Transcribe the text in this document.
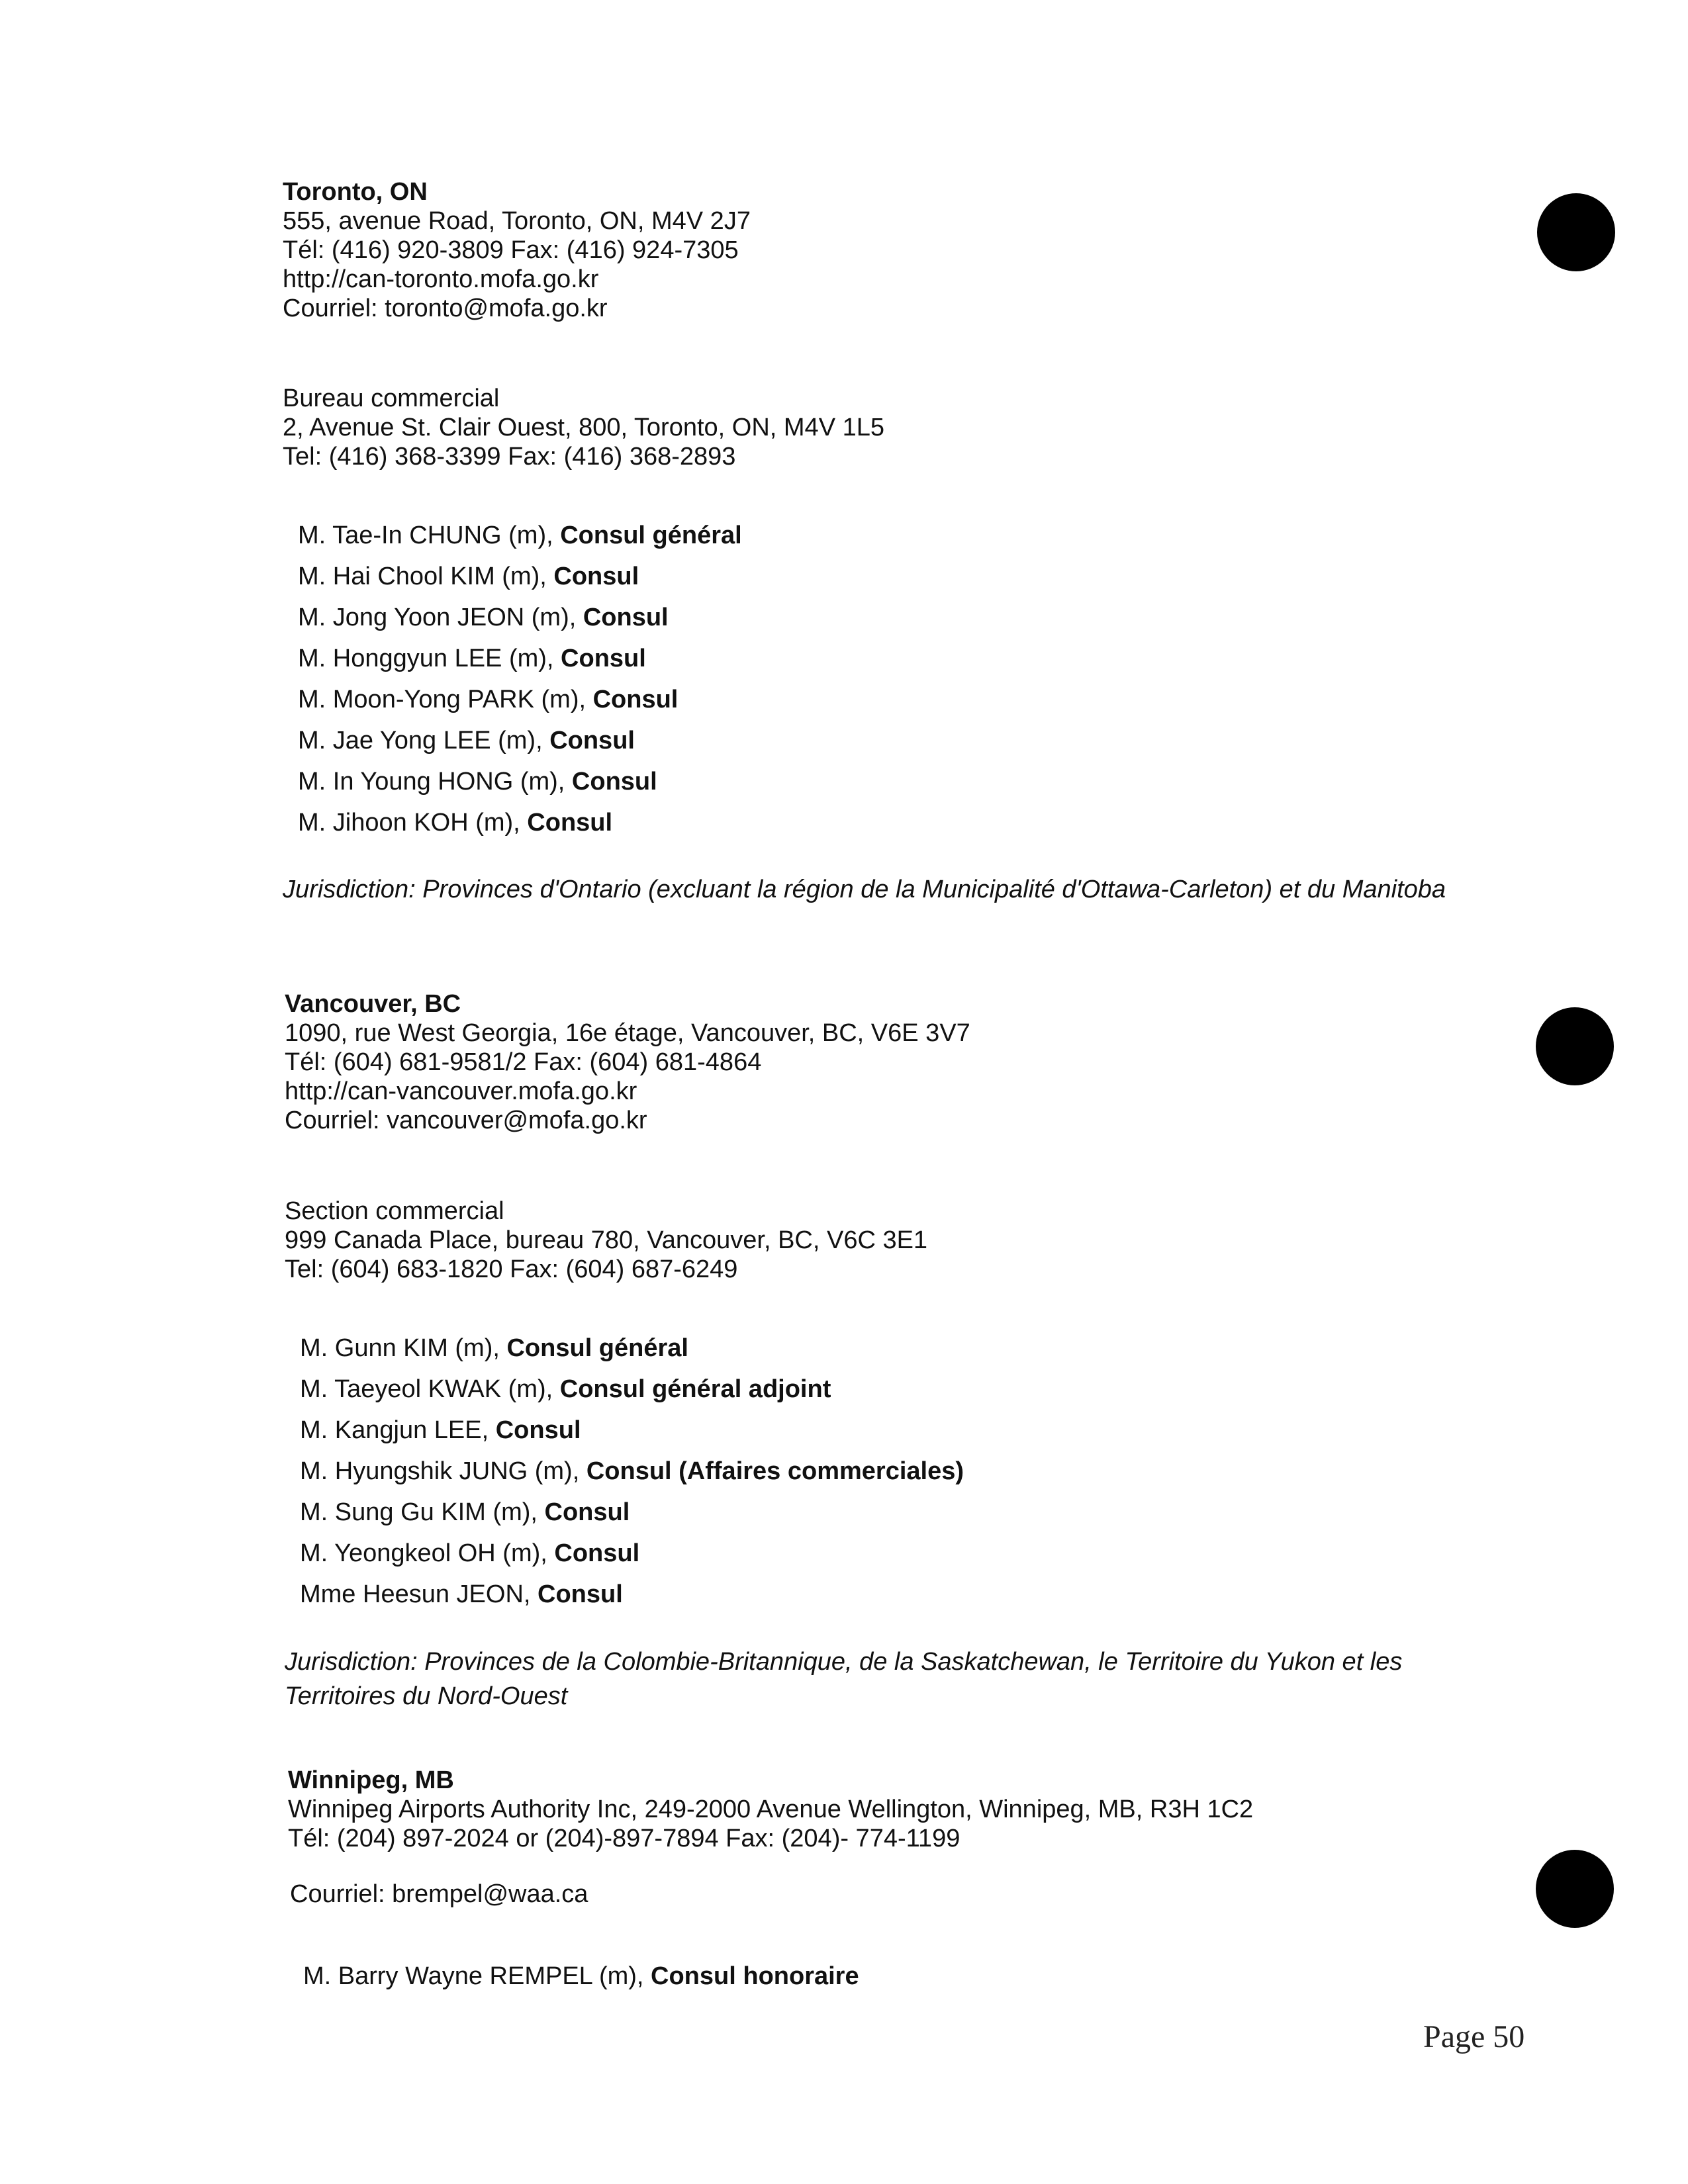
Toronto, ON
555, avenue Road, Toronto, ON, M4V 2J7
Tél: (416) 920-3809 Fax: (416) 924-7305
http://can-toronto.mofa.go.kr
Courriel: toronto@mofa.go.kr
Bureau commercial
2, Avenue St. Clair Ouest, 800, Toronto, ON, M4V 1L5
Tel: (416) 368-3399 Fax: (416) 368-2893
M. Tae-In CHUNG (m), Consul général
M. Hai Chool KIM (m), Consul
M. Jong Yoon JEON (m), Consul
M. Honggyun LEE (m), Consul
M. Moon-Yong PARK (m), Consul
M. Jae Yong LEE (m), Consul
M. In Young HONG (m), Consul
M. Jihoon KOH (m), Consul
Jurisdiction: Provinces d'Ontario (excluant la région de la Municipalité d'Ottawa-Carleton) et du Manitoba
Vancouver, BC
1090, rue West Georgia, 16e étage, Vancouver, BC, V6E 3V7
Tél: (604) 681-9581/2 Fax: (604) 681-4864
http://can-vancouver.mofa.go.kr
Courriel: vancouver@mofa.go.kr
Section commercial
999 Canada Place, bureau 780, Vancouver, BC, V6C 3E1
Tel: (604) 683-1820 Fax: (604) 687-6249
M. Gunn KIM (m), Consul général
M. Taeyeol KWAK (m), Consul général adjoint
M. Kangjun LEE, Consul
M. Hyungshik JUNG (m), Consul (Affaires commerciales)
M. Sung Gu KIM (m), Consul
M. Yeongkeol OH (m), Consul
Mme Heesun JEON, Consul
Jurisdiction: Provinces de la Colombie-Britannique, de la Saskatchewan, le Territoire du Yukon et les Territoires du Nord-Ouest
Winnipeg, MB
Winnipeg Airports Authority Inc, 249-2000 Avenue Wellington, Winnipeg, MB, R3H 1C2
Tél: (204) 897-2024 or (204)-897-7894 Fax: (204)- 774-1199
Courriel: brempel@waa.ca
M. Barry Wayne REMPEL (m), Consul honoraire
Page 50
